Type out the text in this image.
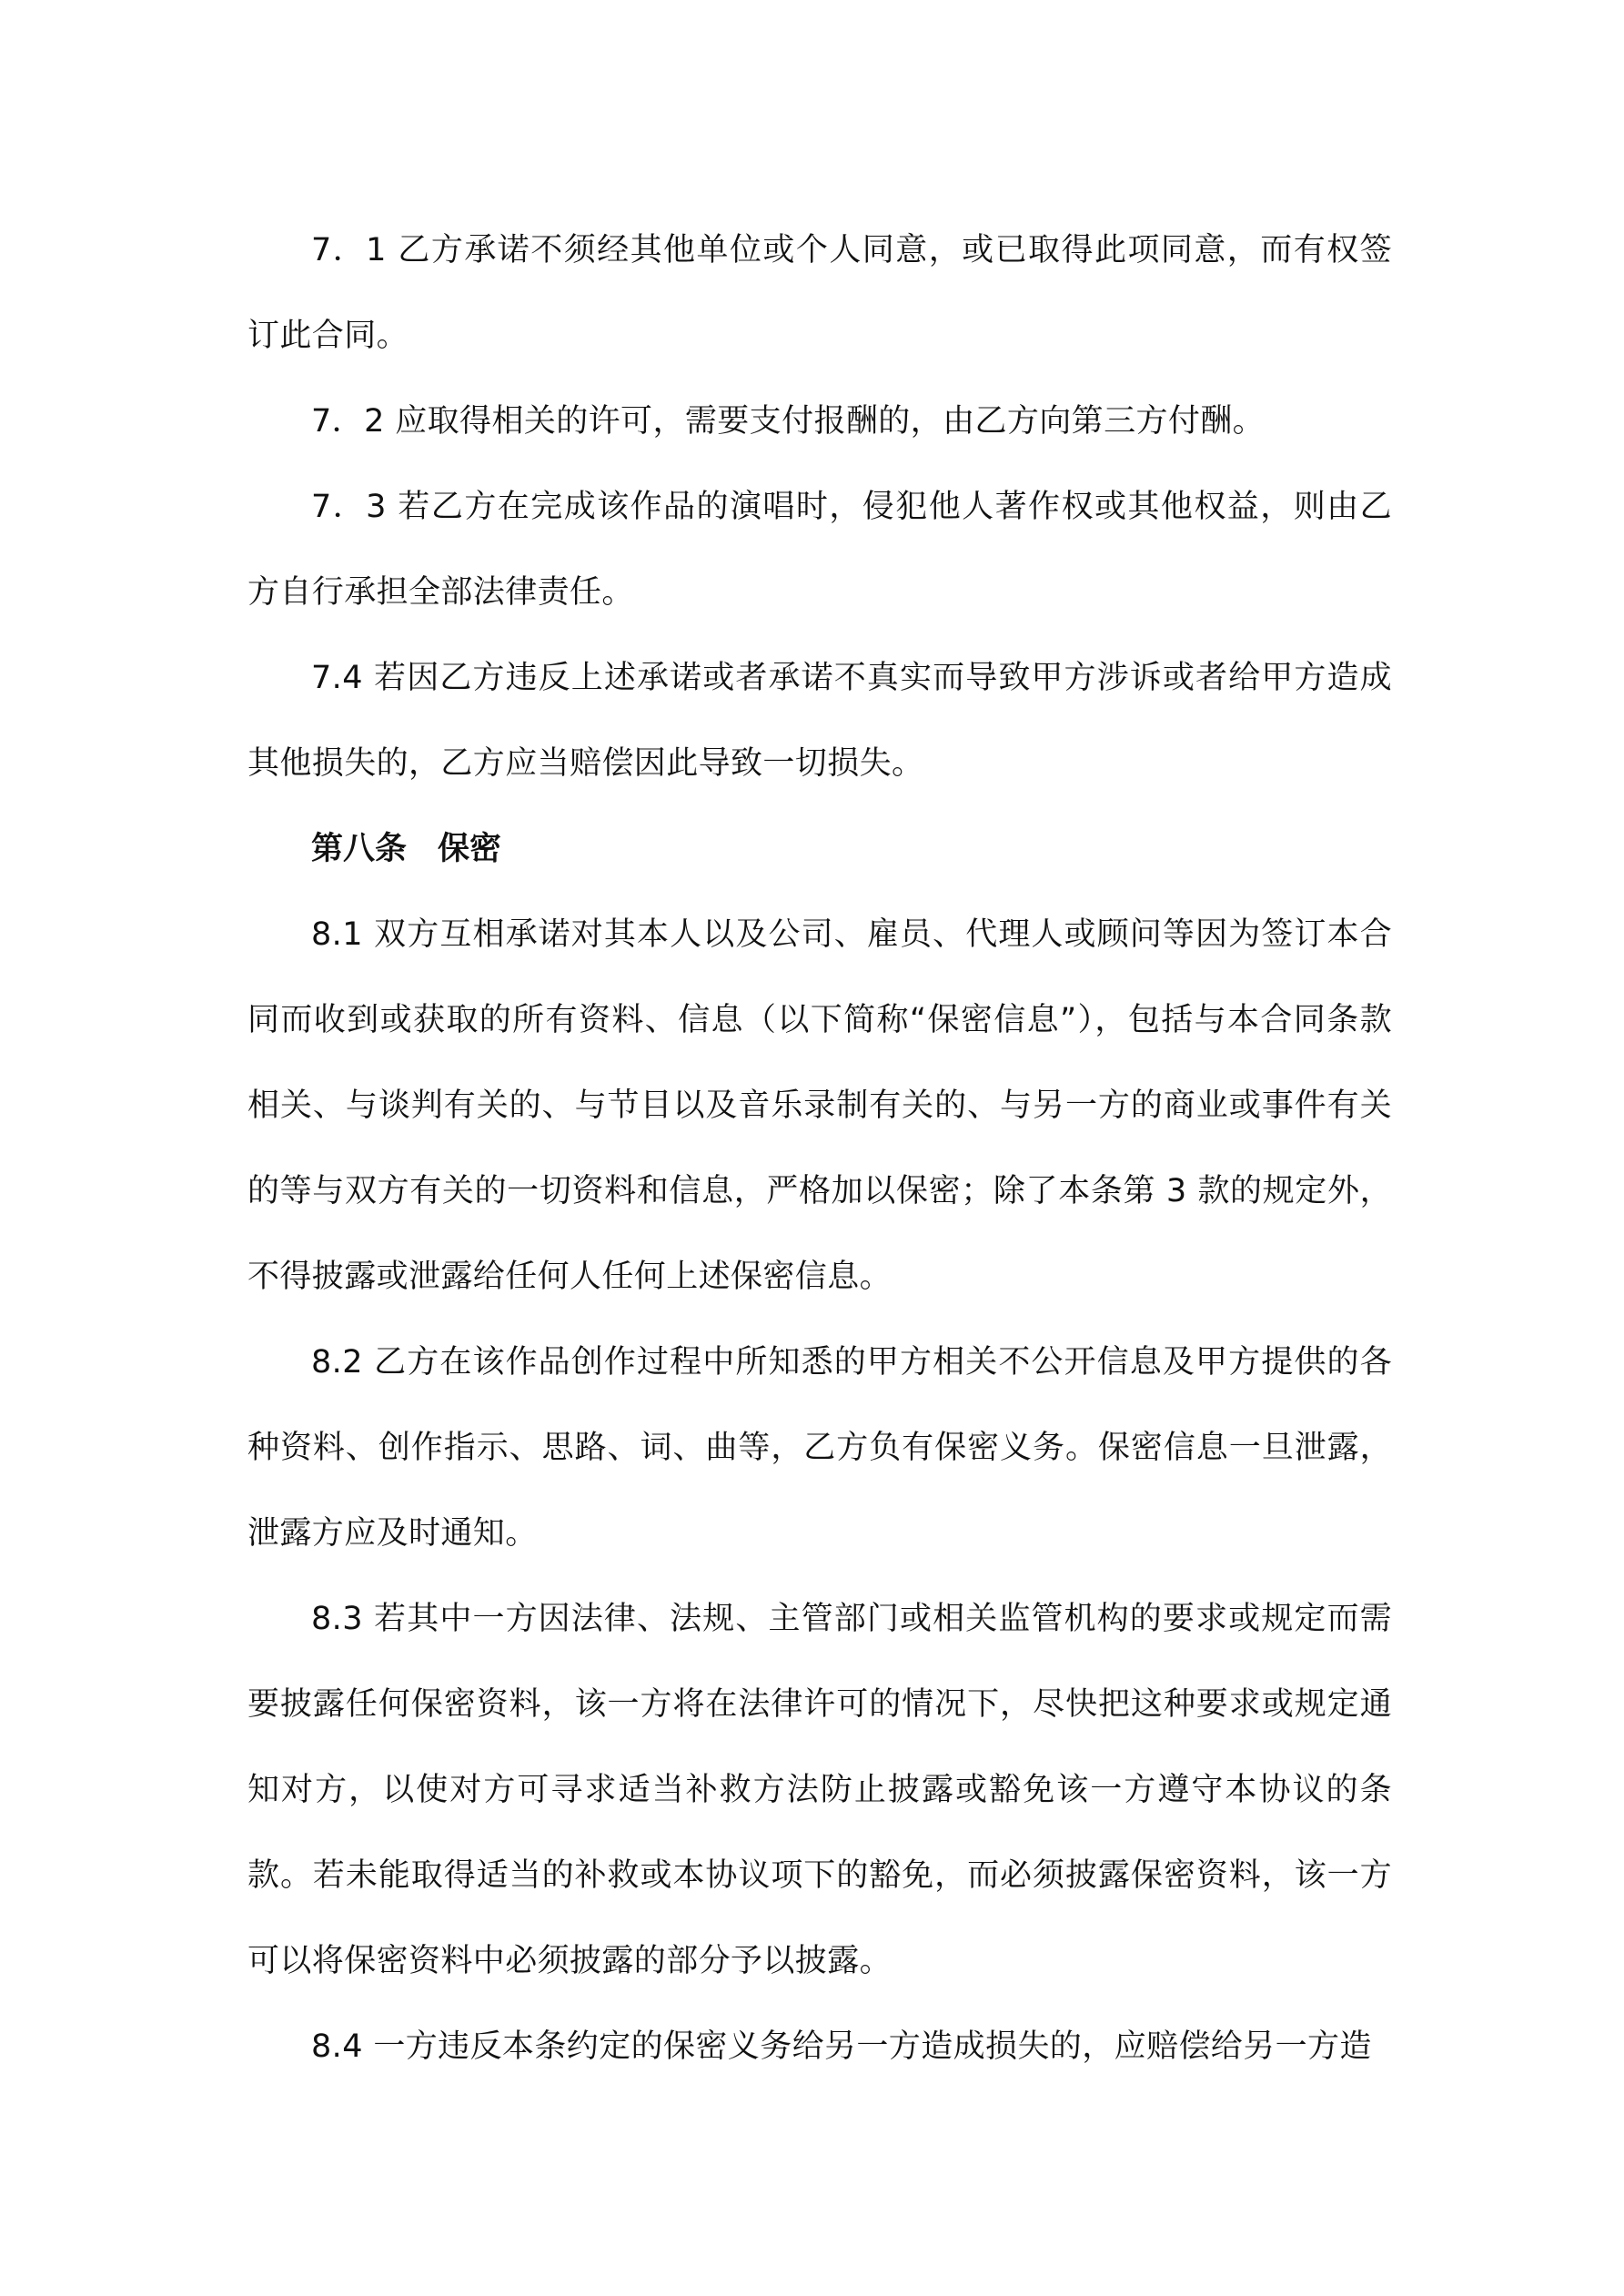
7．1 乙方承诺不须经其他单位或个人同意，或已取得此项同意，而有权签订此合同。

7．2 应取得相关的许可，需要支付报酬的，由乙方向第三方付酬。

7．3 若乙方在完成该作品的演唱时，侵犯他人著作权或其他权益，则由乙方自行承担全部法律责任。

7.4 若因乙方违反上述承诺或者承诺不真实而导致甲方涉诉或者给甲方造成其他损失的，乙方应当赔偿因此导致一切损失。

第八条 保密

8.1 双方互相承诺对其本人以及公司、雇员、代理人或顾问等因为签订本合同而收到或获取的所有资料、信息（以下简称“保密信息”），包括与本合同条款相关、与谈判有关的、与节目以及音乐录制有关的、与另一方的商业或事件有关的等与双方有关的一切资料和信息，严格加以保密；除了本条第 3 款的规定外，不得披露或泄露给任何人任何上述保密信息。

8.2 乙方在该作品创作过程中所知悉的甲方相关不公开信息及甲方提供的各种资料、创作指示、思路、词、曲等，乙方负有保密义务。保密信息一旦泄露，泄露方应及时通知。

8.3 若其中一方因法律、法规、主管部门或相关监管机构的要求或规定而需要披露任何保密资料，该一方将在法律许可的情况下，尽快把这种要求或规定通知对方，以使对方可寻求适当补救方法防止披露或豁免该一方遵守本协议的条款。若未能取得适当的补救或本协议项下的豁免，而必须披露保密资料，该一方可以将保密资料中必须披露的部分予以披露。

8.4 一方违反本条约定的保密义务给另一方造成损失的，应赔偿给另一方造
